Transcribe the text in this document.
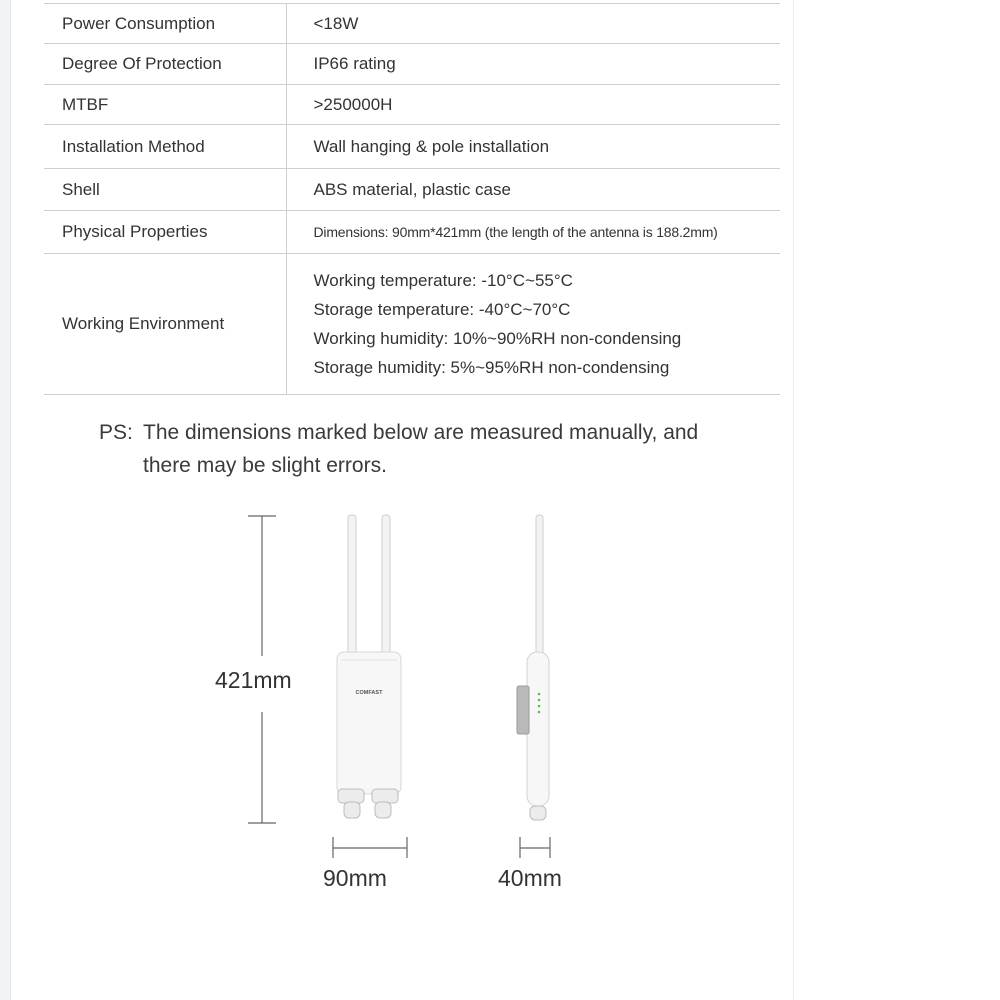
Power Consumption	<18W
Degree Of Protection	IP66 rating
MTBF	>250000H
Installation Method	Wall hanging & pole installation
Shell	ABS material, plastic case
Physical Properties	Dimensions: 90mm*421mm (the length of the antenna is 188.2mm)
Working Environment	Working temperature: -10°C~55°C
Storage temperature: -40°C~70°C
Working humidity: 10%~90%RH non-condensing
Storage humidity: 5%~95%RH non-condensing
PS: The dimensions marked below are measured manually, and
there may be slight errors.
COMFAST
421mm
90mm	40mm
